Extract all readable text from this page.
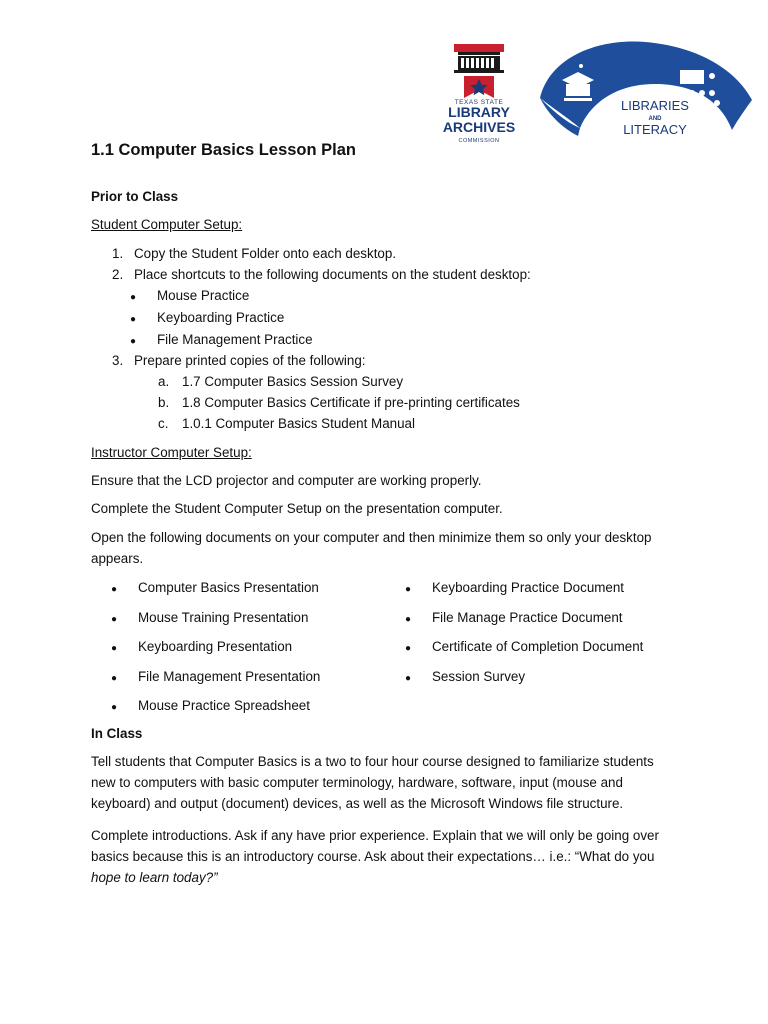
TEXAS STATE
LIBRARY
ARCHIVES
COMMISSION
LIBRARIES
AND
LITERACY
1.1 Computer Basics Lesson Plan
Prior to Class
Student Computer Setup:
1. Copy the Student Folder onto each desktop.
2. Place shortcuts to the following documents on the student desktop:
● Mouse Practice
● Keyboarding Practice
● File Management Practice
3. Prepare printed copies of the following:
a. 1.7 Computer Basics Session Survey
b. 1.8 Computer Basics Certificate if pre-printing certificates
c.	1.0.1 Computer Basics Student Manual
Instructor Computer Setup:
Ensure that the LCD projector and computer are working properly.
Complete the Student Computer Setup on the presentation computer.
Open the following documents on your computer and then minimize them so only your desktop appears.
● Computer Basics Presentation
● Mouse Training Presentation
● Keyboarding Presentation
● File Management Presentation
● Mouse Practice Spreadsheet
● Keyboarding Practice Document
● File Manage Practice Document
● Certificate of Completion Document
● Session Survey
In Class
Tell students that Computer Basics is a two to four hour course designed to familiarize students new to computers with basic computer terminology, hardware, software, input (mouse and keyboard) and output (document) devices, as well as the Microsoft Windows file structure.
Complete introductions. Ask if any have prior experience. Explain that we will only be going over basics because this is an introductory course. Ask about their expectations… i.e.: “What do you hope to learn today?”
